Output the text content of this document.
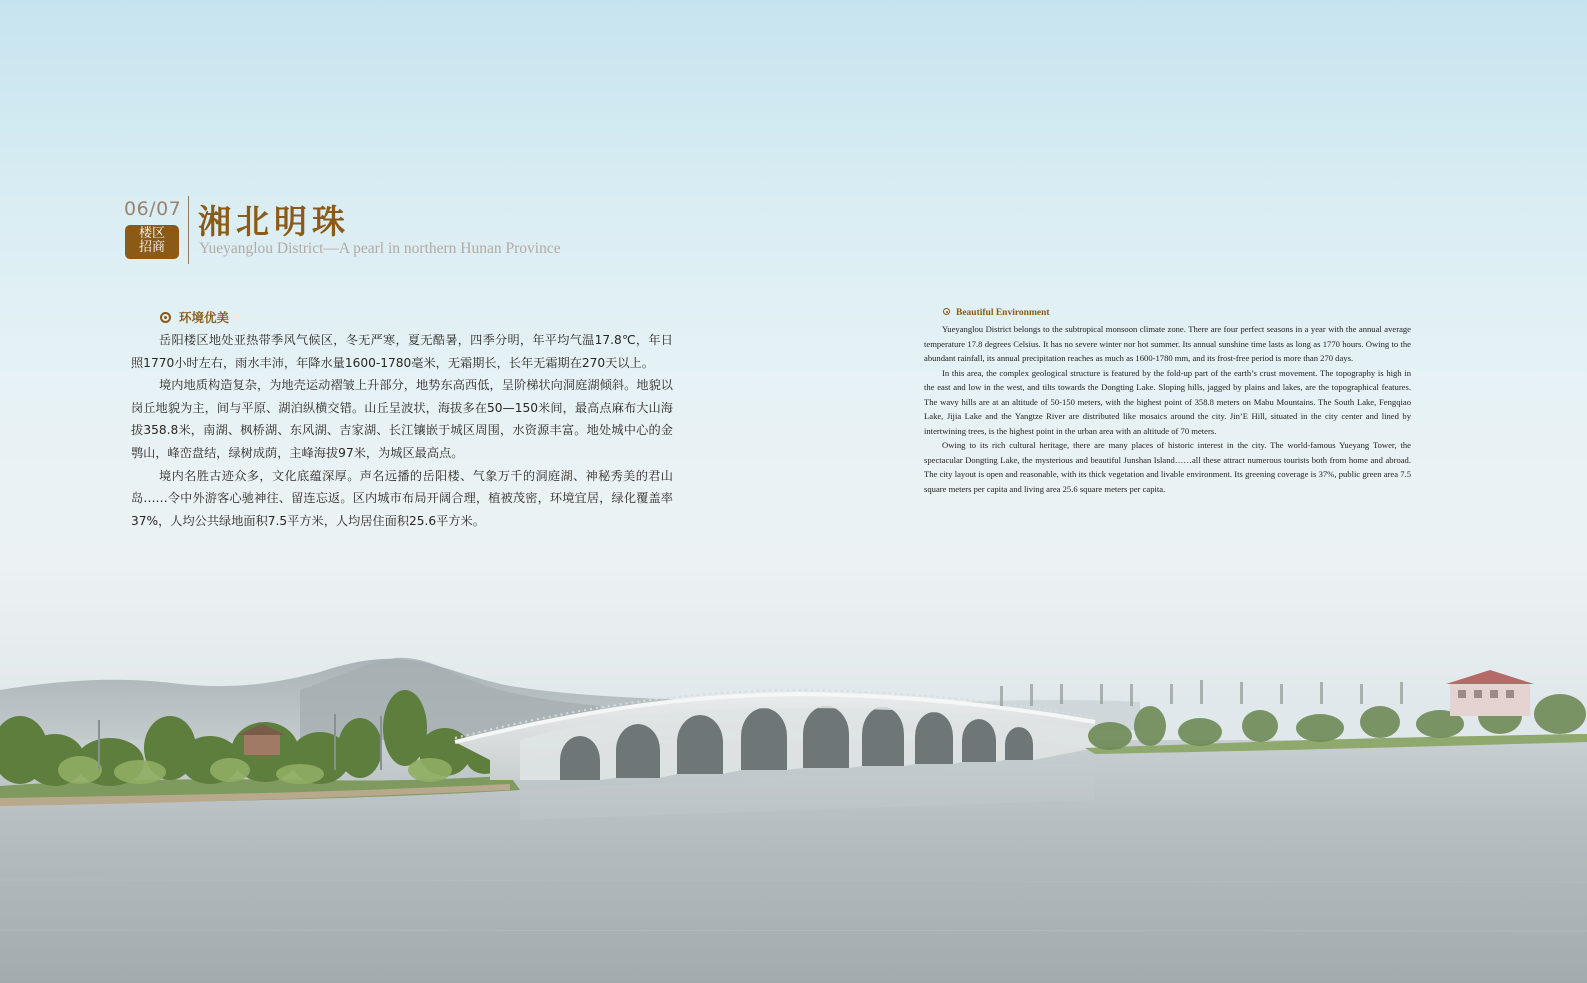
06/07
楼区
招商
湘北明珠
Yueyanglou District—A pearl in northern Hunan Province
环境优美

岳阳楼区地处亚热带季风气候区，冬无严寒，夏无酷暑，四季分明，年平均气温17.8℃，年日照1770小时左右，雨水丰沛，年降水量1600-1780毫米，无霜期长，长年无霜期在270天以上。

境内地质构造复杂，为地壳运动褶皱上升部分，地势东高西低，呈阶梯状向洞庭湖倾斜。地貌以岗丘地貌为主，间与平原、湖泊纵横交错。山丘呈波状，海拔多在50—150米间，最高点麻布大山海拔358.8米，南湖、枫桥湖、东风湖、吉家湖、长江镶嵌于城区周围，水资源丰富。地处城中心的金鹗山，峰峦盘结，绿树成荫，主峰海拔97米，为城区最高点。

境内名胜古迹众多，文化底蕴深厚。声名远播的岳阳楼、气象万千的洞庭湖、神秘秀美的君山岛……令中外游客心驰神往、留连忘返。区内城市布局开阔合理，植被茂密，环境宜居，绿化覆盖率37%，人均公共绿地面积7.5平方米，人均居住面积25.6平方米。

Beautiful Environment

Yueyanglou District belongs to the subtropical monsoon climate zone. There are four perfect seasons in a year with the annual average temperature 17.8 degrees Celsius. It has no severe winter nor hot summer. Its annual sunshine time lasts as long as 1770 hours. Owing to the abundant rainfall, its annual precipitation reaches as much as 1600-1780 mm, and its frost-free period is more than 270 days.

In this area, the complex geological structure is featured by the fold-up part of the earth’s crust movement. The topography is high in the east and low in the west, and tilts towards the Dongting Lake. Sloping hills, jagged by plains and lakes, are the topographical features. The wavy hills are at an altitude of 50-150 meters, with the highest point of 358.8 meters on Mabu Mountains. The South Lake, Fengqiao Lake, Jijia Lake and the Yangtze River are distributed like mosaics around the city. Jin’E Hill, situated in the city center and lined by intertwining trees, is the highest point in the urban area with an altitude of 70 meters.

Owing to its rich cultural heritage, there are many places of historic interest in the city. The world-famous Yueyang Tower, the spectacular Dongting Lake, the mysterious and beautiful Junshan Island……all these attract numerous tourists both from home and abroad. The city layout is open and reasonable, with its thick vegetation and livable environment. Its greening coverage is 37%, public green area 7.5 square meters per capita and living area 25.6 square meters per capita.
